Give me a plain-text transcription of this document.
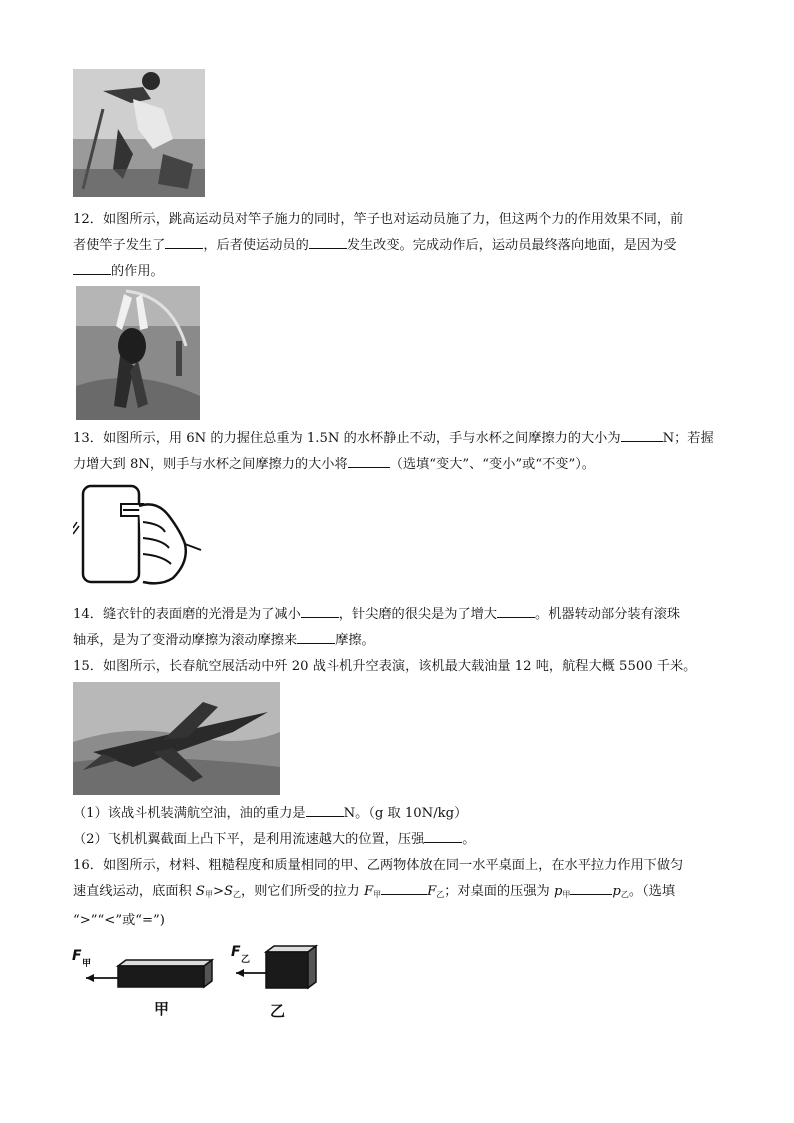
12．如图所示，跳高运动员对竿子施力的同时，竿子也对运动员施了力，但这两个力的作用效果不同，前
者使竿子发生了	，后者使运动员的	发生改变。完成动作后，运动员最终落向地面，是因为受
的作用。
13．如图所示，用 6N 的力握住总重为 1.5N 的水杯静止不动，手与水杯之间摩擦力的大小为	N；若握
力增大到 8N，则手与水杯之间摩擦力的大小将	（选填“变大”、“变小”或“不变”）。
14．缝衣针的表面磨的光滑是为了减小	，针尖磨的很尖是为了增大	。机器转动部分装有滚珠
轴承，是为了变滑动摩擦为滚动摩擦来	摩擦。
15．如图所示，长春航空展活动中歼 20 战斗机升空表演，该机最大载油量 12 吨，航程大概 5500 千米。
（1）该战斗机装满航空油，油的重力是	N。（g 取 10N/kg）
（2）飞机机翼截面上凸下平，是利用流速越大的位置，压强	。
16．如图所示，材料、粗糙程度和质量相同的甲、乙两物体放在同一水平桌面上，在水平拉力作用下做匀
速直线运动，底面积 $S_甲>S_乙$，则它们所受的拉力 $F_甲$	$F_乙$；对桌面的压强为 $p_甲$	$p_乙$。（选填
“>”“<”或“=”)
F 甲
F 乙
甲	乙
